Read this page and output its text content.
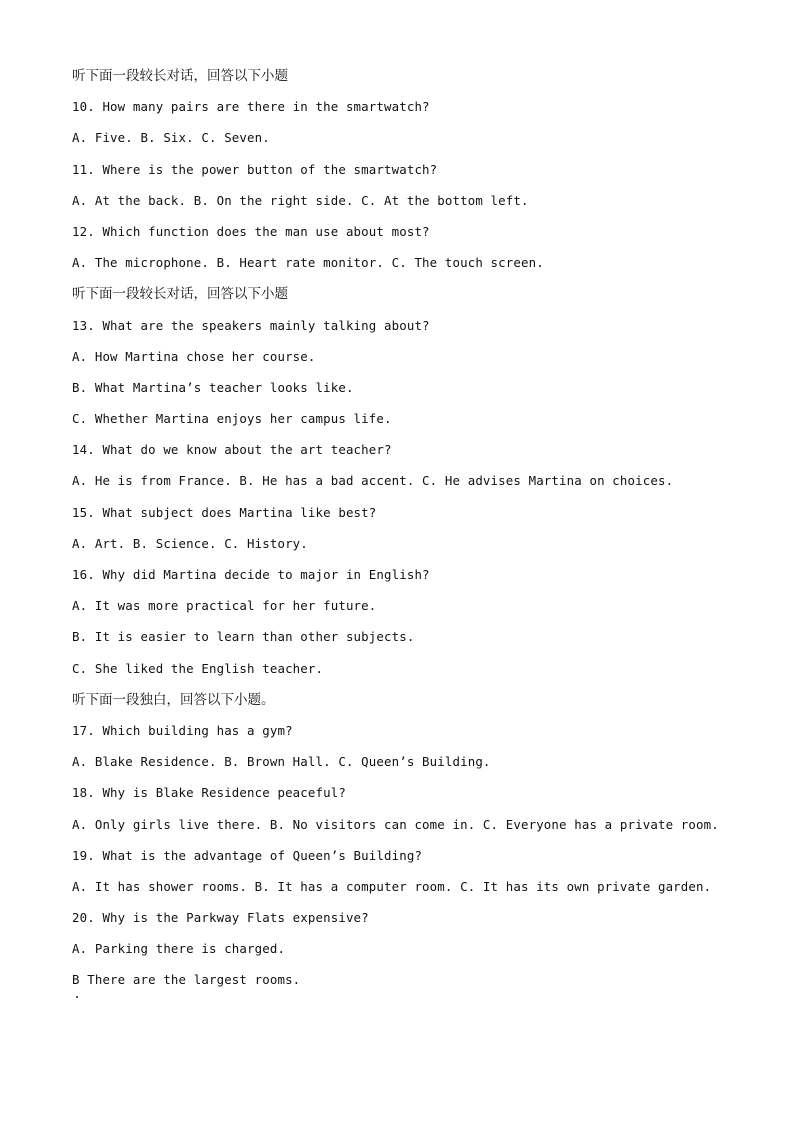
听下面一段较长对话，回答以下小题
10. How many pairs are there in the smartwatch?
A. Five. B. Six. C. Seven.
11. Where is the power button of the smartwatch?
A. At the back. B. On the right side. C. At the bottom left.
12. Which function does the man use about most?
A. The microphone. B. Heart rate monitor. C. The touch screen.
听下面一段较长对话，回答以下小题
13. What are the speakers mainly talking about?
A. How Martina chose her course.
B. What Martina’s teacher looks like.
C. Whether Martina enjoys her campus life.
14. What do we know about the art teacher?
A. He is from France. B. He has a bad accent. C. He advises Martina on choices.
15. What subject does Martina like best?
A. Art. B. Science. C. History.
16. Why did Martina decide to major in English?
A. It was more practical for her future.
B. It is easier to learn than other subjects.
C. She liked the English teacher.
听下面一段独白，回答以下小题。
17. Which building has a gym?
A. Blake Residence. B. Brown Hall. C. Queen’s Building.
18. Why is Blake Residence peaceful?
A. Only girls live there. B. No visitors can come in. C. Everyone has a private room.
19. What is the advantage of Queen’s Building?
A. It has shower rooms. B. It has a computer room. C. It has its own private garden.
20. Why is the Parkway Flats expensive?
A. Parking there is charged.
B There are the largest rooms.
